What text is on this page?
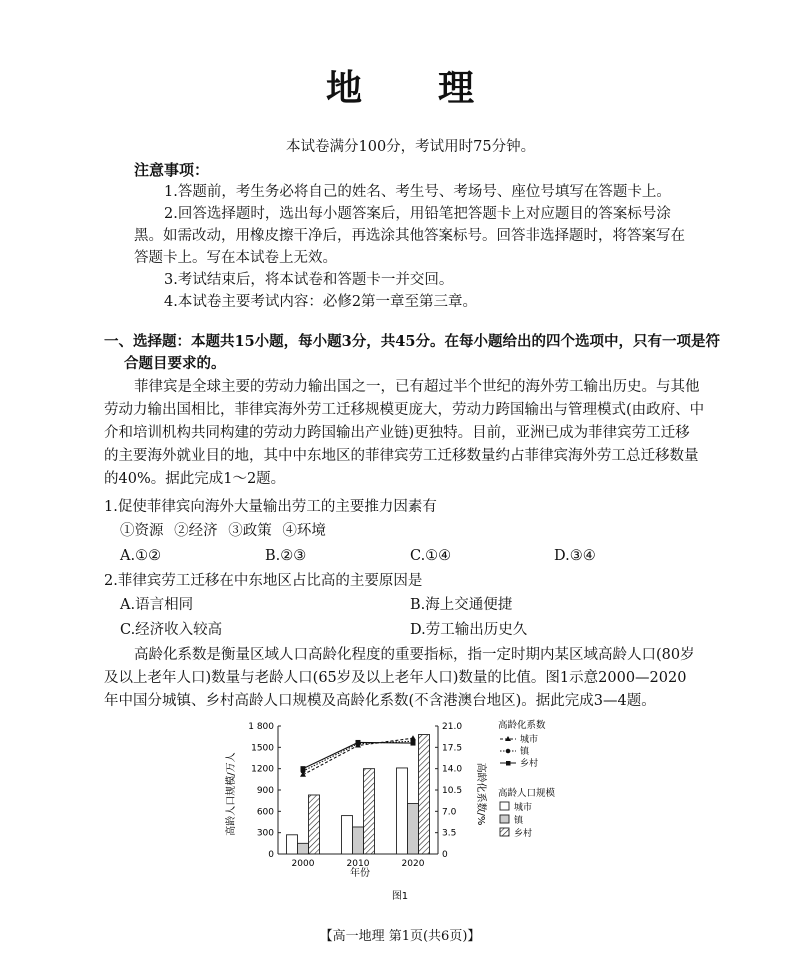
地 理
本试卷满分100分，考试用时75分钟。
注意事项：
1.答题前，考生务必将自己的姓名、考生号、考场号、座位号填写在答题卡上。
2.回答选择题时，选出每小题答案后，用铅笔把答题卡上对应题目的答案标号涂
黑。如需改动，用橡皮擦干净后，再选涂其他答案标号。回答非选择题时，将答案写在
答题卡上。写在本试卷上无效。
3.考试结束后，将本试卷和答题卡一并交回。
4.本试卷主要考试内容：必修2第一章至第三章。
一、选择题：本题共15小题，每小题3分，共45分。在每小题给出的四个选项中，只有一项是符
合题目要求的。
菲律宾是全球主要的劳动力输出国之一，已有超过半个世纪的海外劳工输出历史。与其他
劳动力输出国相比，菲律宾海外劳工迁移规模更庞大，劳动力跨国输出与管理模式(由政府、中
介和培训机构共同构建的劳动力跨国输出产业链)更独特。目前，亚洲已成为菲律宾劳工迁移
的主要海外就业目的地，其中中东地区的菲律宾劳工迁移数量约占菲律宾海外劳工总迁移数量
的40%。据此完成1～2题。
1.促使菲律宾向海外大量输出劳工的主要推力因素有
①资源 ②经济 ③政策 ④环境
A.①②	B.②③	C.①④	D.③④
2.菲律宾劳工迁移在中东地区占比高的主要原因是
A.语言相同	B.海上交通便捷
C.经济收入较高	D.劳工输出历史久
高龄化系数是衡量区域人口高龄化程度的重要指标，指一定时期内某区域高龄人口(80岁
及以上老年人口)数量与老龄人口(65岁及以上老年人口)数量的比值。图1示意2000—2020
年中国分城镇、乡村高龄人口规模及高龄化系数(不含港澳台地区)。据此完成3—4题。
0
300
600
900
1200
1500
1 800
0
3.5
7.0
10.5
14.0
17.5
21.0
2000	2010	2020
高龄化系数
城市
镇
乡村
高龄人口规模
城市
镇
乡村
高龄人口规模/万人	高龄化系数/%
年份
图1
【高一地理 第1页(共6页)】
